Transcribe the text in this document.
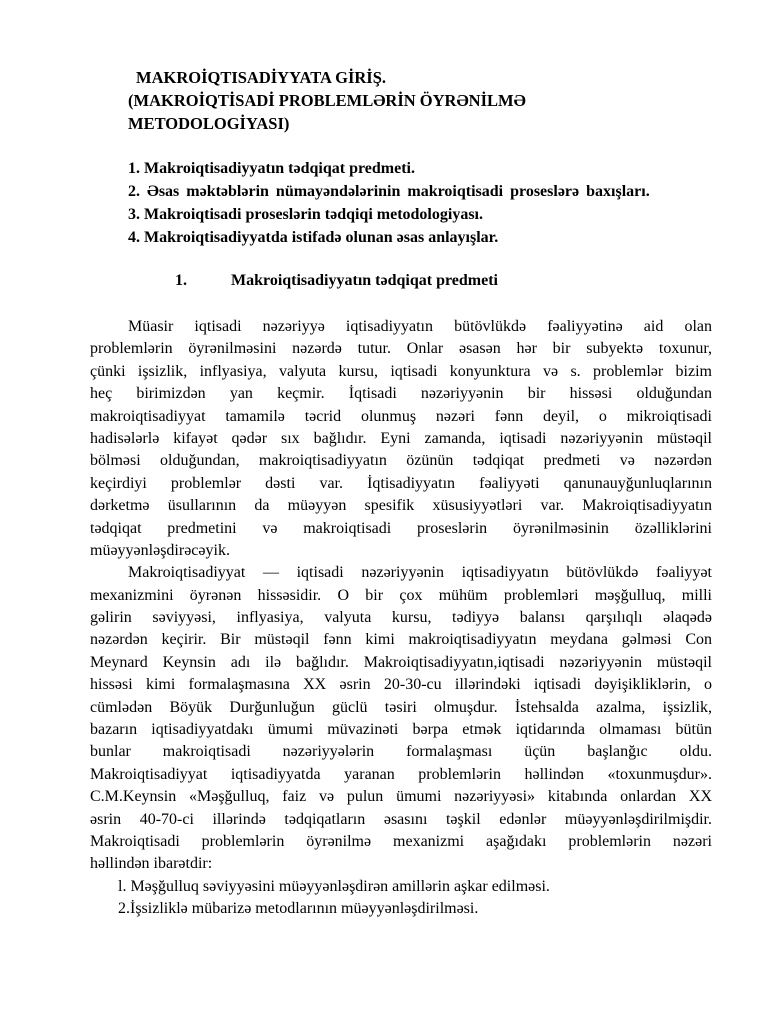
MAKROİQTISADİYYATA GİRİŞ.
(MAKROİQTİSADİ PROBLEMLƏRİN ÖYRƏNİLMƏ
METODOLOGİYASI)
1. Makroiqtisadiyyatın tədqiqat predmeti.
2. Əsas məktəblərin nümayəndələrinin makroiqtisadi proseslərə baxışları.
3. Makroiqtisadi proseslərin tədqiqi metodologiyası.
4. Makroiqtisadiyyatda istifadə olunan əsas anlayışlar.
1.	Makroiqtisadiyyatın tədqiqat predmeti
Müasir iqtisadi nəzəriyyə iqtisadiyyatın bütövlükdə fəaliyyətinə aid olan
problemlərin öyrənilməsini nəzərdə tutur. Onlar əsasən hər bir subyektə toxunur,
çünki işsizlik, inflyasiya, valyuta kursu, iqtisadi konyunktura və s. problemlər bizim
heç birimizdən yan keçmir. İqtisadi nəzəriyyənin bir hissəsi olduğundan
makroiqtisadiyyat tamamilə təcrid olunmuş nəzəri fənn deyil, o mikroiqtisadi
hadisələrlə kifayət qədər sıx bağlıdır. Eyni zamanda, iqtisadi nəzəriyyənin müstəqil
bölməsi olduğundan, makroiqtisadiyyatın özünün tədqiqat predmeti və nəzərdən
keçirdiyi problemlər dəsti var. İqtisadiyyatın fəaliyyəti qanunauyğunluqlarının
dərketmə üsullarının da müəyyən spesifik xüsusiyyətləri var. Makroiqtisadiyyatın
tədqiqat predmetini və makroiqtisadi proseslərin öyrənilməsinin özəlliklərini
müəyyənləşdirəcəyik.
Makroiqtisadiyyat — iqtisadi nəzəriyyənin iqtisadiyyatın bütövlükdə fəaliyyət
mexanizmini öyrənən hissəsidir. O bir çox mühüm problemləri məşğulluq, milli
gəlirin səviyyəsi, inflyasiya, valyuta kursu, tədiyyə balansı qarşılıqlı əlaqədə
nəzərdən keçirir. Bir müstəqil fənn kimi makroiqtisadiyyatın meydana gəlməsi Con
Meynard Keynsin adı ilə bağlıdır. Makroiqtisadiyyatın,iqtisadi nəzəriyyənin müstəqil
hissəsi kimi formalaşmasına XX əsrin 20-30-cu illərindəki iqtisadi dəyişikliklərin, o
cümlədən Böyük Durğunluğun güclü təsiri olmuşdur. İstehsalda azalma, işsizlik,
bazarın iqtisadiyyatdakı ümumi müvazinəti bərpa etmək iqtidarında olmaması bütün
bunlar makroiqtisadi nəzəriyyələrin formalaşması üçün başlanğıc oldu.
Makroiqtisadiyyat iqtisadiyyatda yaranan problemlərin həllindən «toxunmuşdur».
C.M.Keynsin «Məşğulluq, faiz və pulun ümumi nəzəriyyəsi» kitabında onlardan XX
əsrin 40-70-ci illərində tədqiqatların əsasını təşkil edənlər müəyyənləşdirilmişdir.
Makroiqtisadi problemlərin öyrənilmə mexanizmi aşağıdakı problemlərin nəzəri
həllindən ibarətdir:
l. Məşğulluq səviyyəsini müəyyənləşdirən amillərin aşkar edilməsi.
2.İşsizliklə mübarizə metodlarının müəyyənləşdirilməsi.
